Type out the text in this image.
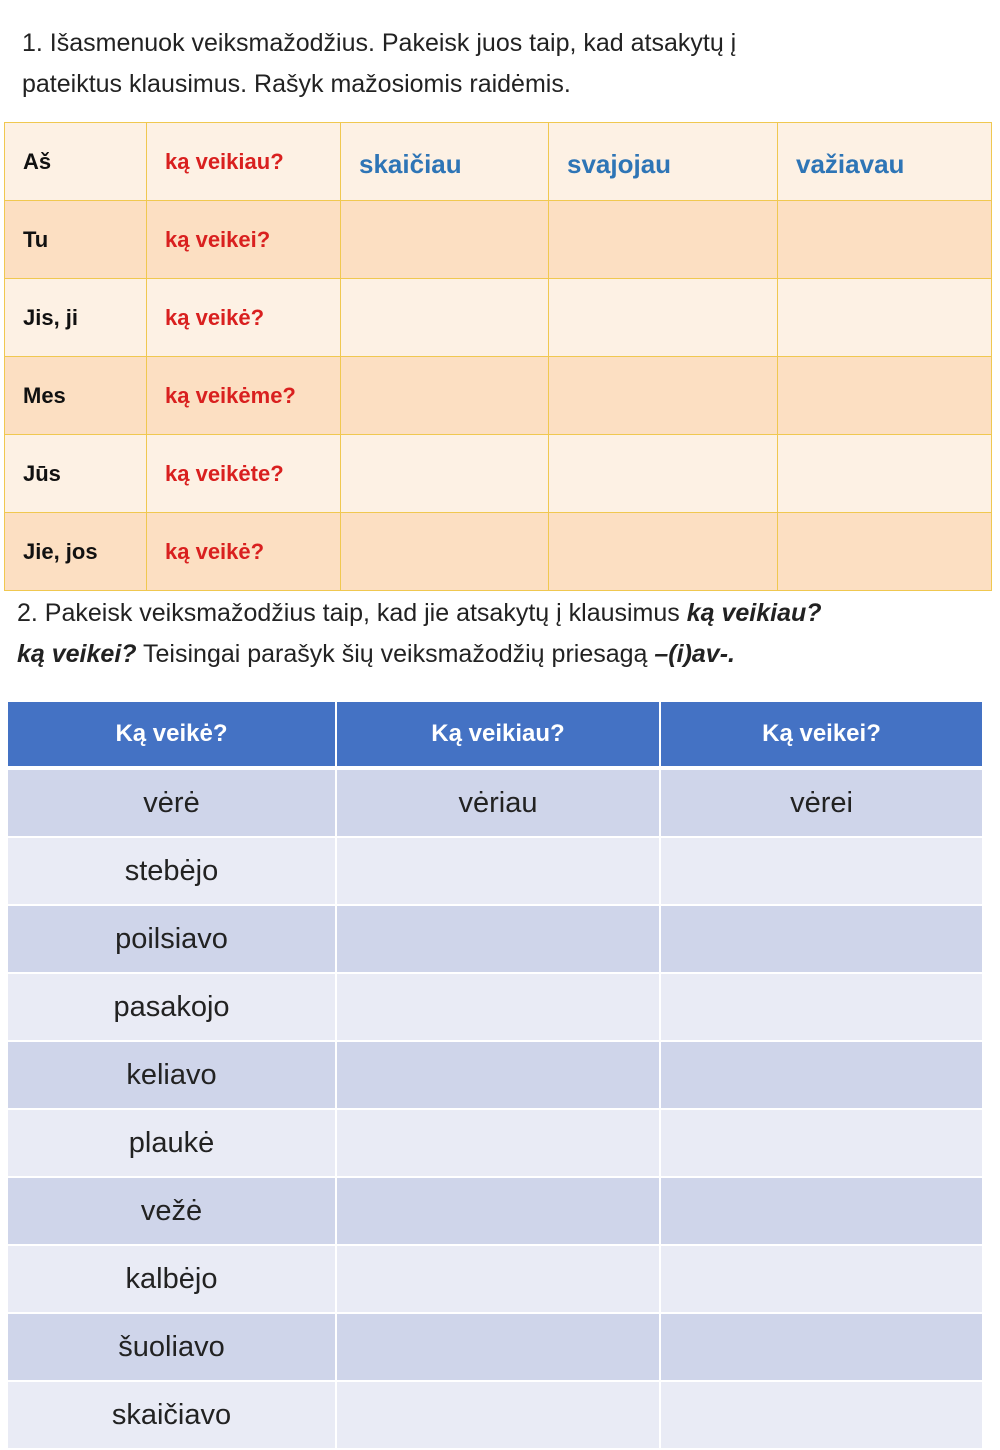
1. Išasmenuok veiksmažodžius. Pakeisk juos taip, kad atsakytų į
pateiktus klausimus. Rašyk mažosiomis raidėmis.
Aš	ką veikiau?	skaičiau	svajojau	važiavau
Tu	ką veikei?			
Jis, ji	ką veikė?			
Mes	ką veikėme?			
Jūs	ką veikėte?			
Jie, jos	ką veikė?			
2. Pakeisk veiksmažodžius taip, kad jie atsakytų į klausimus ką veikiau?
ką veikei? Teisingai parašyk šių veiksmažodžių priesagą –(i)av-.
Ką veikė?	Ką veikiau?	Ką veikei?
vėrė	vėriau	vėrei
stebėjo		
poilsiavo		
pasakojo		
keliavo		
plaukė		
vežė		
kalbėjo		
šuoliavo		
skaičiavo		
